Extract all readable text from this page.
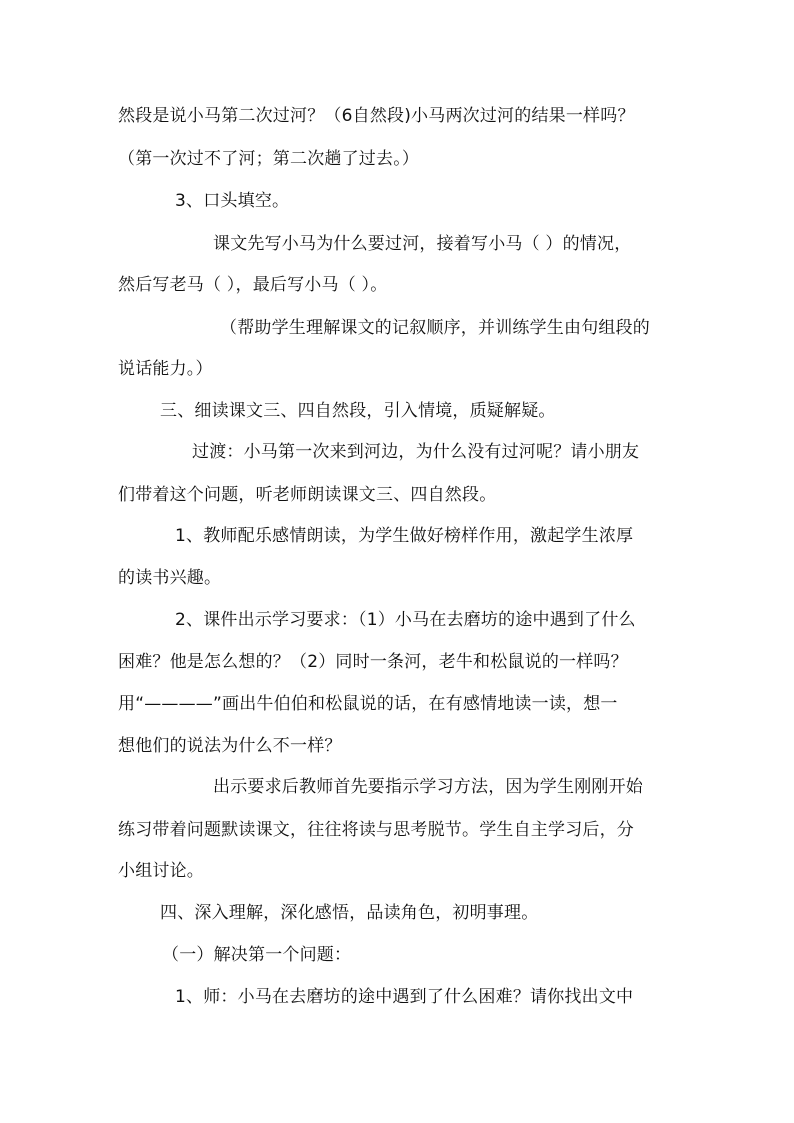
然段是说小马第二次过河？（6自然段)小马两次过河的结果一样吗？
（第一次过不了河；第二次趟了过去。）
3、口头填空。
课文先写小马为什么要过河，接着写小马（ ）的情况，
然后写老马（ ），最后写小马（ ）。
（帮助学生理解课文的记叙顺序，并训练学生由句组段的
说话能力。）
三、细读课文三、四自然段，引入情境，质疑解疑。
过渡：小马第一次来到河边，为什么没有过河呢？请小朋友
们带着这个问题，听老师朗读课文三、四自然段。
1、教师配乐感情朗读，为学生做好榜样作用，激起学生浓厚
的读书兴趣。
2、课件出示学习要求：（1）小马在去磨坊的途中遇到了什么
困难？他是怎么想的？（2）同时一条河，老牛和松鼠说的一样吗？
用“————”画出牛伯伯和松鼠说的话，在有感情地读一读，想一
想他们的说法为什么不一样？
出示要求后教师首先要指示学习方法，因为学生刚刚开始
练习带着问题默读课文，往往将读与思考脱节。学生自主学习后，分
小组讨论。
四、深入理解，深化感悟，品读角色，初明事理。
（一）解决第一个问题：
1、师：小马在去磨坊的途中遇到了什么困难？请你找出文中
